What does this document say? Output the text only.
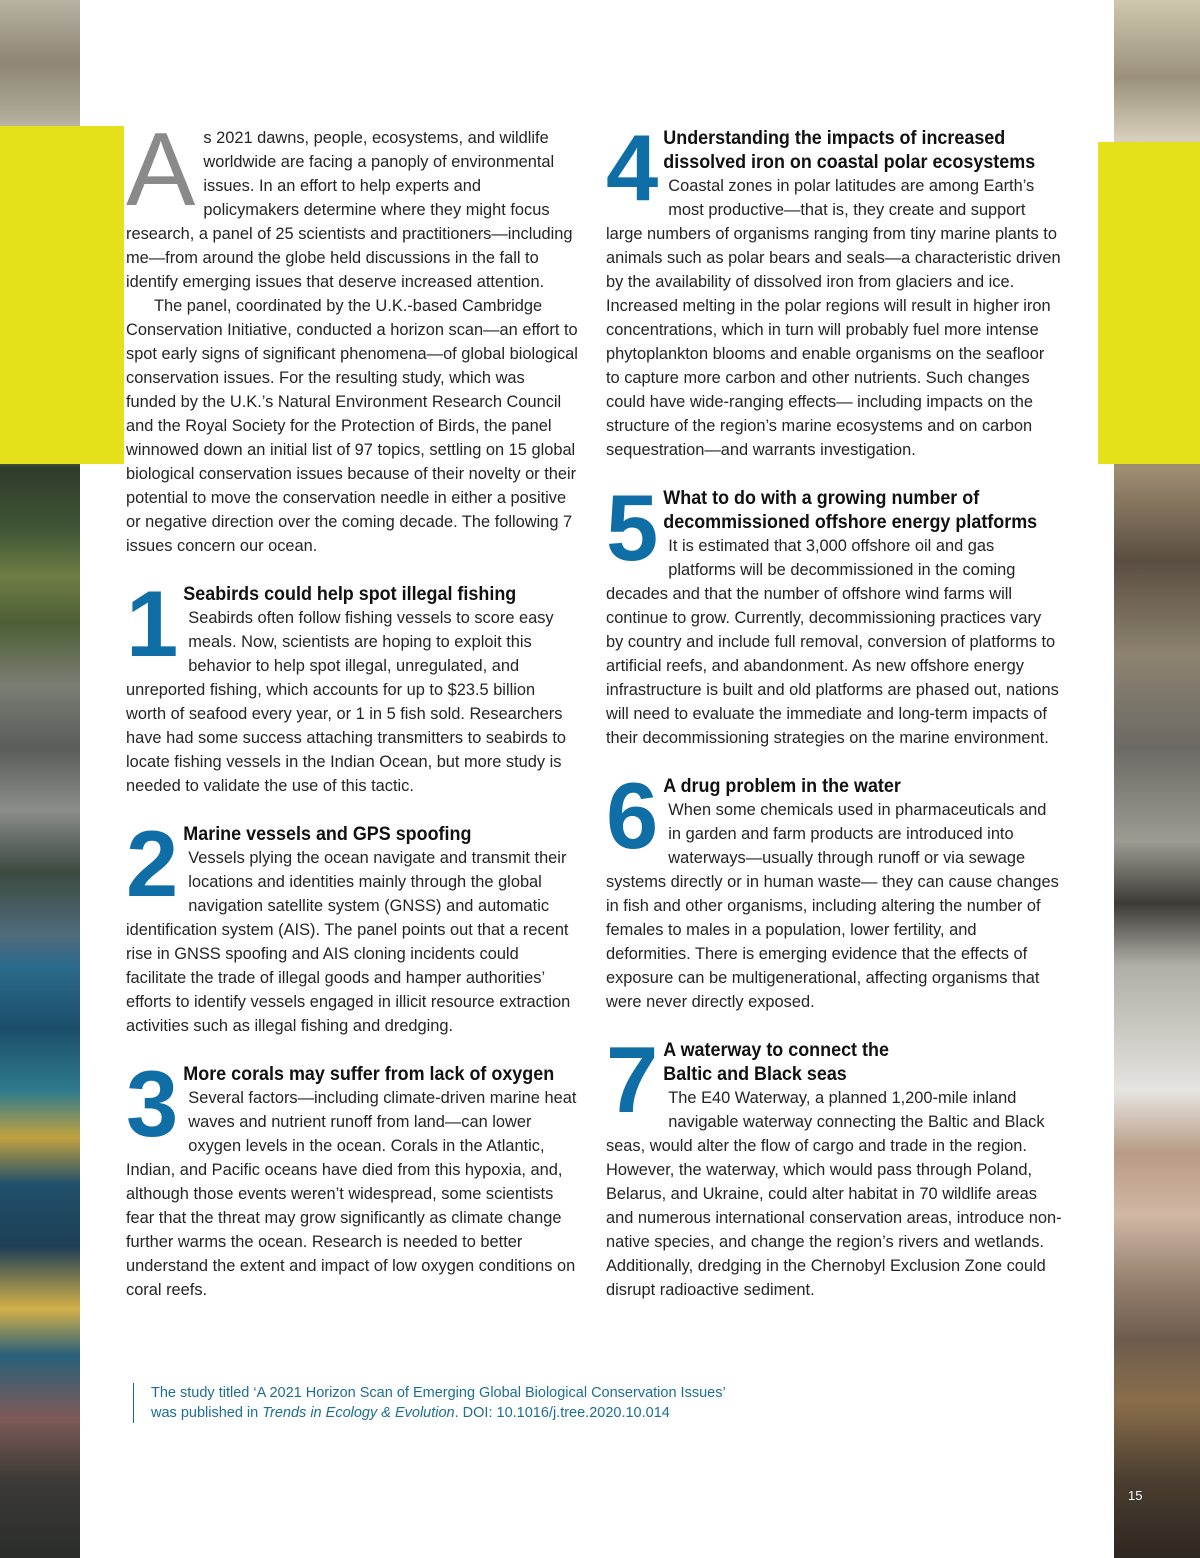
As 2021 dawns, people, ecosystems, and wildlife worldwide are facing a panoply of environmental issues. In an effort to help experts and policymakers determine where they might focus research, a panel of 25 scientists and practitioners—including me—from around the globe held discussions in the fall to identify emerging issues that deserve increased attention.

The panel, coordinated by the U.K.-based Cambridge Conservation Initiative, conducted a horizon scan—an effort to spot early signs of significant phenomena—of global biological conservation issues. For the resulting study, which was funded by the U.K.’s Natural Environment Research Council and the Royal Society for the Protection of Birds, the panel winnowed down an initial list of 97 topics, settling on 15 global biological conservation issues because of their novelty or their potential to move the conservation needle in either a positive or negative direction over the coming decade. The following 7 issues concern our ocean.

1 Seabirds could help spot illegal fishing
Seabirds often follow fishing vessels to score easy meals. Now, scientists are hoping to exploit this behavior to help spot illegal, unregulated, and unreported fishing, which accounts for up to $23.5 billion worth of seafood every year, or 1 in 5 fish sold. Researchers have had some success attaching transmitters to seabirds to locate fishing vessels in the Indian Ocean, but more study is needed to validate the use of this tactic.
2 Marine vessels and GPS spoofing
Vessels plying the ocean navigate and transmit their locations and identities mainly through the global navigation satellite system (GNSS) and automatic identification system (AIS). The panel points out that a recent rise in GNSS spoofing and AIS cloning incidents could facilitate the trade of illegal goods and hamper authorities’ efforts to identify vessels engaged in illicit resource extraction activities such as illegal fishing and dredging.
3 More corals may suffer from lack of oxygen
Several factors—including climate-driven marine heat waves and nutrient runoff from land—can lower oxygen levels in the ocean. Corals in the Atlantic, Indian, and Pacific oceans have died from this hypoxia, and, although those events weren’t widespread, some scientists fear that the threat may grow significantly as climate change further warms the ocean. Research is needed to better understand the extent and impact of low oxygen conditions on coral reefs.
4 Understanding the impacts of increased
dissolved iron on coastal polar ecosystems
Coastal zones in polar latitudes are among Earth’s most productive—that is, they create and support large numbers of organisms ranging from tiny marine plants to animals such as polar bears and seals—a characteristic driven by the availability of dissolved iron from glaciers and ice. Increased melting in the polar regions will result in higher iron concentrations, which in turn will probably fuel more intense phytoplankton blooms and enable organisms on the seafloor to capture more carbon and other nutrients. Such changes could have wide-ranging effects— including impacts on the structure of the region’s marine ecosystems and on carbon sequestration—and warrants investigation.
5 What to do with a growing number of
decommissioned offshore energy platforms
It is estimated that 3,000 offshore oil and gas platforms will be decommissioned in the coming decades and that the number of offshore wind farms will continue to grow. Currently, decommissioning practices vary by country and include full removal, conversion of platforms to artificial reefs, and abandonment. As new offshore energy infrastructure is built and old platforms are phased out, nations will need to evaluate the immediate and long-term impacts of their decommissioning strategies on the marine environment.
6 A drug problem in the water
When some chemicals used in pharmaceuticals and in garden and farm products are introduced into waterways—usually through runoff or via sewage systems directly or in human waste— they can cause changes in fish and other organisms, including altering the number of females to males in a population, lower fertility, and deformities. There is emerging evidence that the effects of exposure can be multigenerational, affecting organisms that were never directly exposed.
7 A waterway to connect the
Baltic and Black seas
The E40 Waterway, a planned 1,200-mile inland navigable waterway connecting the Baltic and Black seas, would alter the flow of cargo and trade in the region. However, the waterway, which would pass through Poland, Belarus, and Ukraine, could alter habitat in 70 wildlife areas and numerous international conservation areas, introduce non-native species, and change the region’s rivers and wetlands. Additionally, dredging in the Chernobyl Exclusion Zone could disrupt radioactive sediment.
The study titled ‘A 2021 Horizon Scan of Emerging Global Biological Conservation Issues’
was published in Trends in Ecology & Evolution. DOI: 10.1016/j.tree.2020.10.014
15
